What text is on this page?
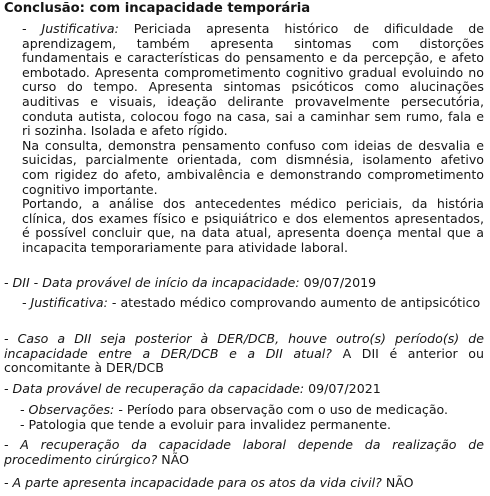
Conclusão: com incapacidade temporária

- Justificativa: Periciada apresenta histórico de dificuldade de aprendizagem, também apresenta sintomas com distorções fundamentais e características do pensamento e da percepção, e afeto embotado. Apresenta comprometimento cognitivo gradual evoluindo no curso do tempo. Apresenta sintomas psicóticos como alucinações auditivas e visuais, ideação delirante provavelmente persecutória, conduta autista, colocou fogo na casa, sai a caminhar sem rumo, fala e ri sozinha. Isolada e afeto rígido.

Na consulta, demonstra pensamento confuso com ideias de desvalia e suicidas, parcialmente orientada, com dismnésia, isolamento afetivo com rigidez do afeto, ambivalência e demonstrando comprometimento cognitivo importante.

Portando, a análise dos antecedentes médico periciais, da história clínica, dos exames físico e psiquiátrico e dos elementos apresentados, é possível concluir que, na data atual, apresenta doença mental que a incapacita temporariamente para atividade laboral.

- DII - Data provável de início da incapacidade: 09/07/2019

- Justificativa: - atestado médico comprovando aumento de antipsicótico

- Caso a DII seja posterior à DER/DCB, houve outro(s) período(s) de incapacidade entre a DER/DCB e a DII atual? A DII é anterior ou concomitante à DER/DCB

- Data provável de recuperação da capacidade: 09/07/2021

- Observações: - Período para observação com o uso de medicação.

- Patologia que tende a evoluir para invalidez permanente.

- A recuperação da capacidade laboral depende da realização de procedimento cirúrgico? NÃO

- A parte apresenta incapacidade para os atos da vida civil? NÃO
